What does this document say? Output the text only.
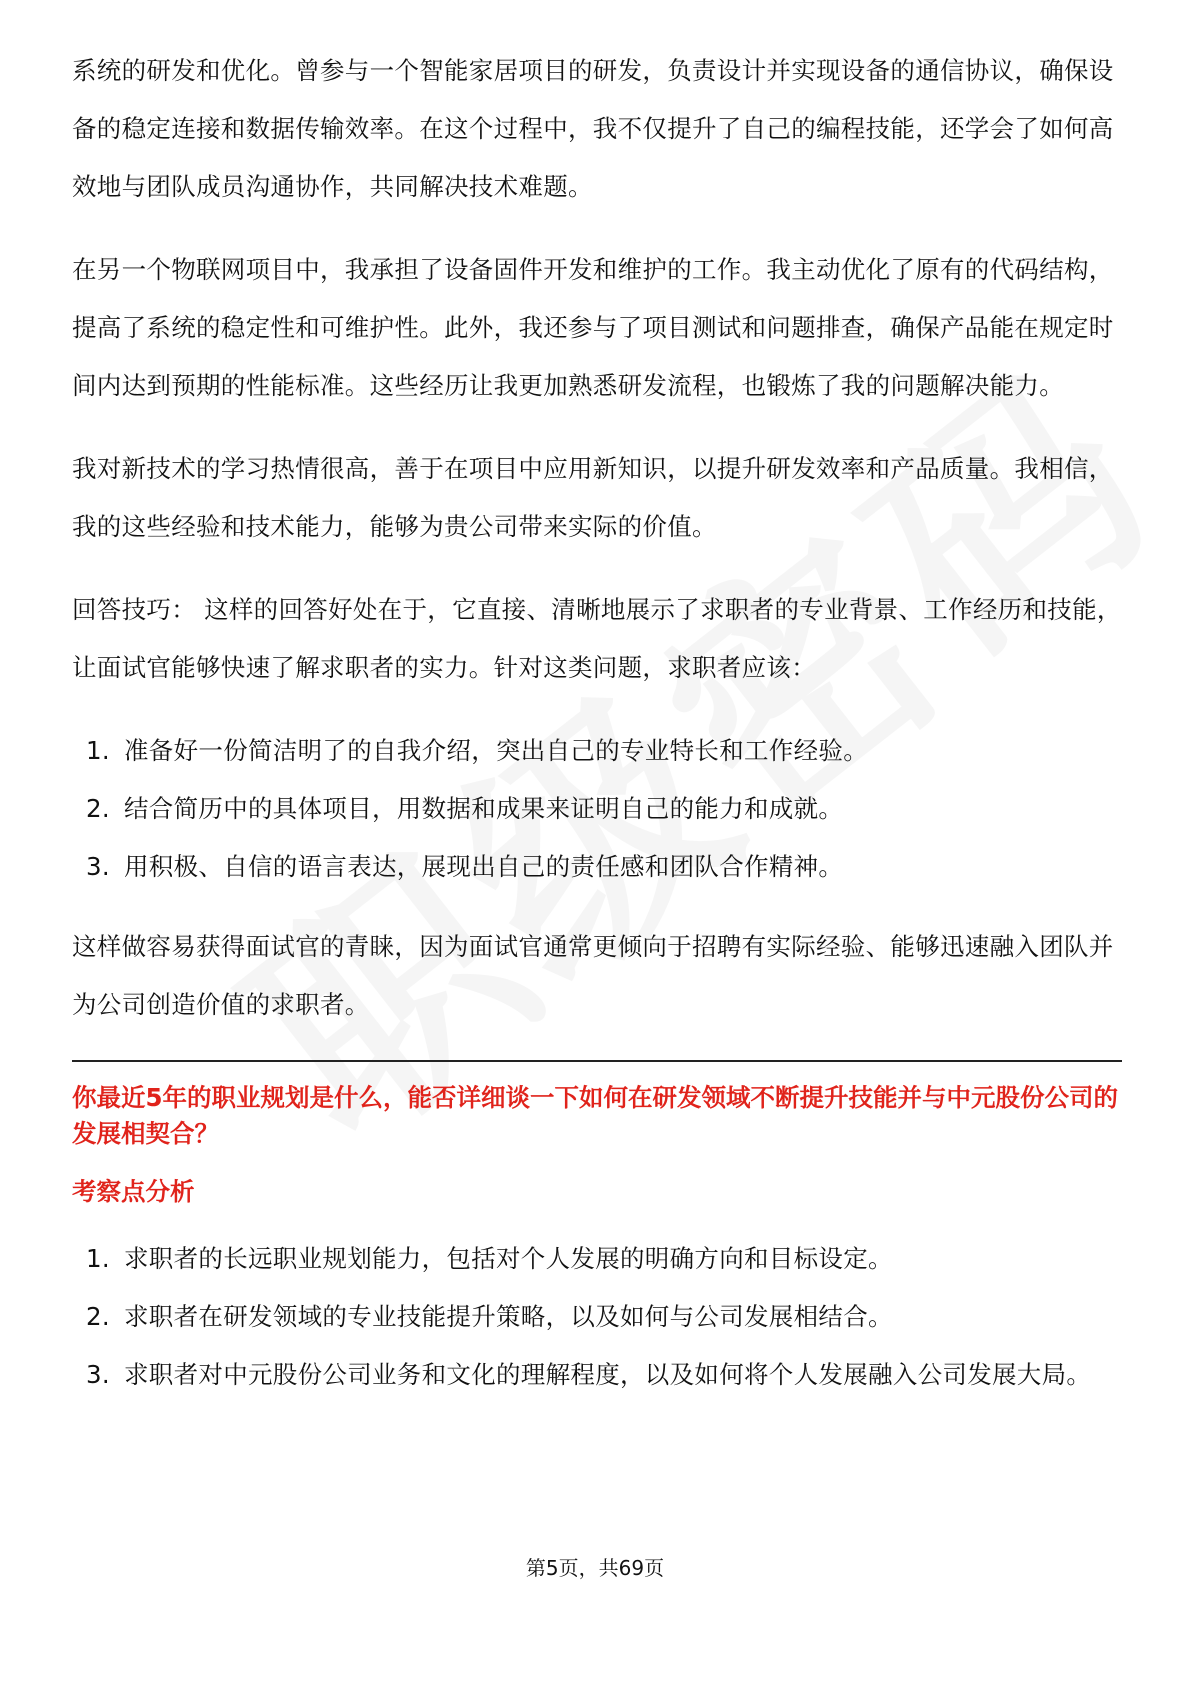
系统的研发和优化。曾参与一个智能家居项目的研发，负责设计并实现设备的通信协议，确保设备的稳定连接和数据传输效率。在这个过程中，我不仅提升了自己的编程技能，还学会了如何高效地与团队成员沟通协作，共同解决技术难题。

在另一个物联网项目中，我承担了设备固件开发和维护的工作。我主动优化了原有的代码结构，提高了系统的稳定性和可维护性。此外，我还参与了项目测试和问题排查，确保产品能在规定时间内达到预期的性能标准。这些经历让我更加熟悉研发流程，也锻炼了我的问题解决能力。

我对新技术的学习热情很高，善于在项目中应用新知识，以提升研发效率和产品质量。我相信，我的这些经验和技术能力，能够为贵公司带来实际的价值。

回答技巧： 这样的回答好处在于，它直接、清晰地展示了求职者的专业背景、工作经历和技能，让面试官能够快速了解求职者的实力。针对这类问题，求职者应该：

1. 准备好一份简洁明了的自我介绍，突出自己的专业特长和工作经验。
2. 结合简历中的具体项目，用数据和成果来证明自己的能力和成就。
3. 用积极、自信的语言表达，展现出自己的责任感和团队合作精神。

这样做容易获得面试官的青睐，因为面试官通常更倾向于招聘有实际经验、能够迅速融入团队并为公司创造价值的求职者。

你最近5年的职业规划是什么，能否详细谈一下如何在研发领域不断提升技能并与中元股份公司的发展相契合？
考察点分析
1. 求职者的长远职业规划能力，包括对个人发展的明确方向和目标设定。
2. 求职者在研发领域的专业技能提升策略，以及如何与公司发展相结合。
3. 求职者对中元股份公司业务和文化的理解程度，以及如何将个人发展融入公司发展大局。
第5页，共69页
